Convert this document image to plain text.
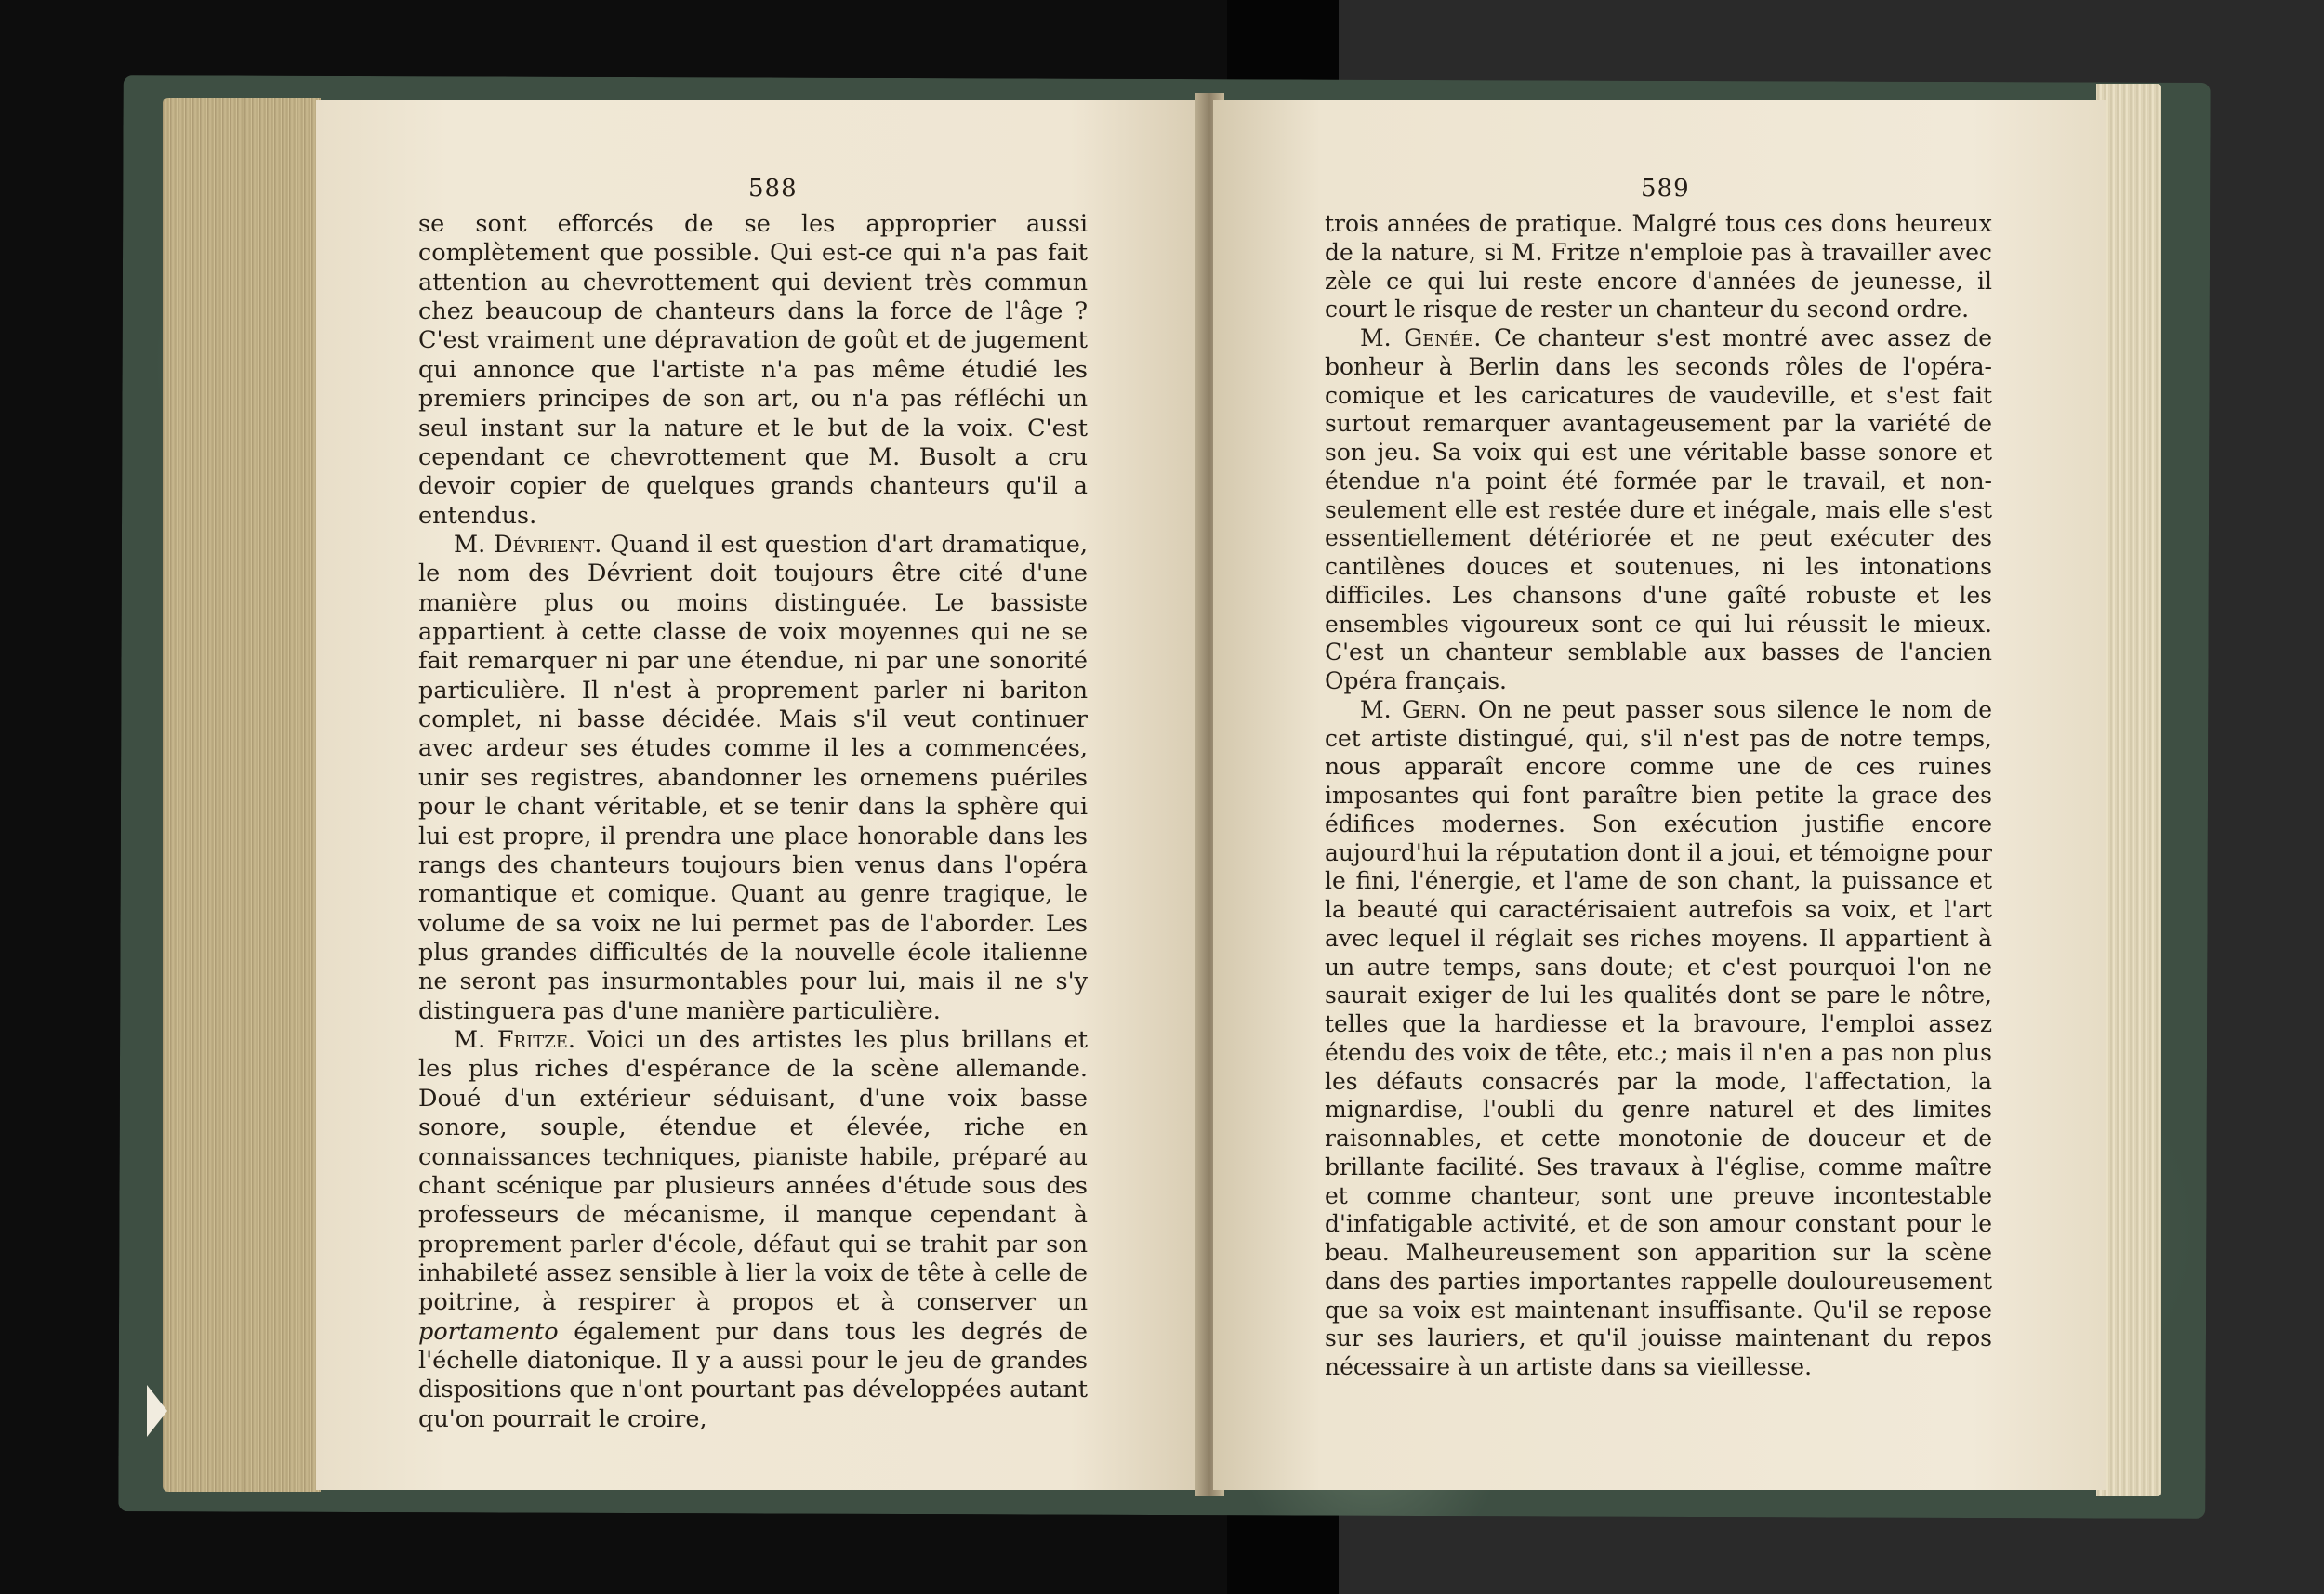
588

se sont efforcés de se les approprier aussi complètement que possible. Qui est-ce qui n'a pas fait attention au chevrottement qui devient très commun chez beaucoup de chanteurs dans la force de l'âge ? C'est vraiment une dépravation de goût et de jugement qui annonce que l'artiste n'a pas même étudié les premiers principes de son art, ou n'a pas réfléchi un seul instant sur la nature et le but de la voix. C'est cependant ce chevrottement que M. Busolt a cru devoir copier de quelques grands chanteurs qu'il a entendus.

M. Dévrient. Quand il est question d'art dramatique, le nom des Dévrient doit toujours être cité d'une manière plus ou moins distinguée. Le bassiste appartient à cette classe de voix moyennes qui ne se fait remarquer ni par une étendue, ni par une sonorité particulière. Il n'est à proprement parler ni bariton complet, ni basse décidée. Mais s'il veut continuer avec ardeur ses études comme il les a commencées, unir ses registres, abandonner les ornemens puériles pour le chant véritable, et se tenir dans la sphère qui lui est propre, il prendra une place honorable dans les rangs des chanteurs toujours bien venus dans l'opéra romantique et comique. Quant au genre tragique, le volume de sa voix ne lui permet pas de l'aborder. Les plus grandes difficultés de la nouvelle école italienne ne seront pas insurmontables pour lui, mais il ne s'y distinguera pas d'une manière particulière.

M. Fritze. Voici un des artistes les plus brillans et les plus riches d'espérance de la scène allemande. Doué d'un extérieur séduisant, d'une voix basse sonore, souple, étendue et élevée, riche en connaissances techniques, pianiste habile, préparé au chant scénique par plusieurs années d'étude sous des professeurs de mécanisme, il manque cependant à proprement parler d'école, défaut qui se trahit par son inhabileté assez sensible à lier la voix de tête à celle de poitrine, à respirer à propos et à conserver un portamento également pur dans tous les degrés de l'échelle diatonique. Il y a aussi pour le jeu de grandes dispositions que n'ont pourtant pas développées autant qu'on pourrait le croire,

589

trois années de pratique. Malgré tous ces dons heureux de la nature, si M. Fritze n'emploie pas à travailler avec zèle ce qui lui reste encore d'années de jeunesse, il court le risque de rester un chanteur du second ordre.

M. Genée. Ce chanteur s'est montré avec assez de bonheur à Berlin dans les seconds rôles de l'opéra-comique et les caricatures de vaudeville, et s'est fait surtout remarquer avantageusement par la variété de son jeu. Sa voix qui est une véritable basse sonore et étendue n'a point été formée par le travail, et non-seulement elle est restée dure et inégale, mais elle s'est essentiellement détériorée et ne peut exécuter des cantilènes douces et soutenues, ni les intonations difficiles. Les chansons d'une gaîté robuste et les ensembles vigoureux sont ce qui lui réussit le mieux. C'est un chanteur semblable aux basses de l'ancien Opéra français.

M. Gern. On ne peut passer sous silence le nom de cet artiste distingué, qui, s'il n'est pas de notre temps, nous apparaît encore comme une de ces ruines imposantes qui font paraître bien petite la grace des édifices modernes. Son exécution justifie encore aujourd'hui la réputation dont il a joui, et témoigne pour le fini, l'énergie, et l'ame de son chant, la puissance et la beauté qui caractérisaient autrefois sa voix, et l'art avec lequel il réglait ses riches moyens. Il appartient à un autre temps, sans doute; et c'est pourquoi l'on ne saurait exiger de lui les qualités dont se pare le nôtre, telles que la hardiesse et la bravoure, l'emploi assez étendu des voix de tête, etc.; mais il n'en a pas non plus les défauts consacrés par la mode, l'affectation, la mignardise, l'oubli du genre naturel et des limites raisonnables, et cette monotonie de douceur et de brillante facilité. Ses travaux à l'église, comme maître et comme chanteur, sont une preuve incontestable d'infatigable activité, et de son amour constant pour le beau. Malheureusement son apparition sur la scène dans des parties importantes rappelle douloureusement que sa voix est maintenant insuffisante. Qu'il se repose sur ses lauriers, et qu'il jouisse maintenant du repos nécessaire à un artiste dans sa vieillesse.
